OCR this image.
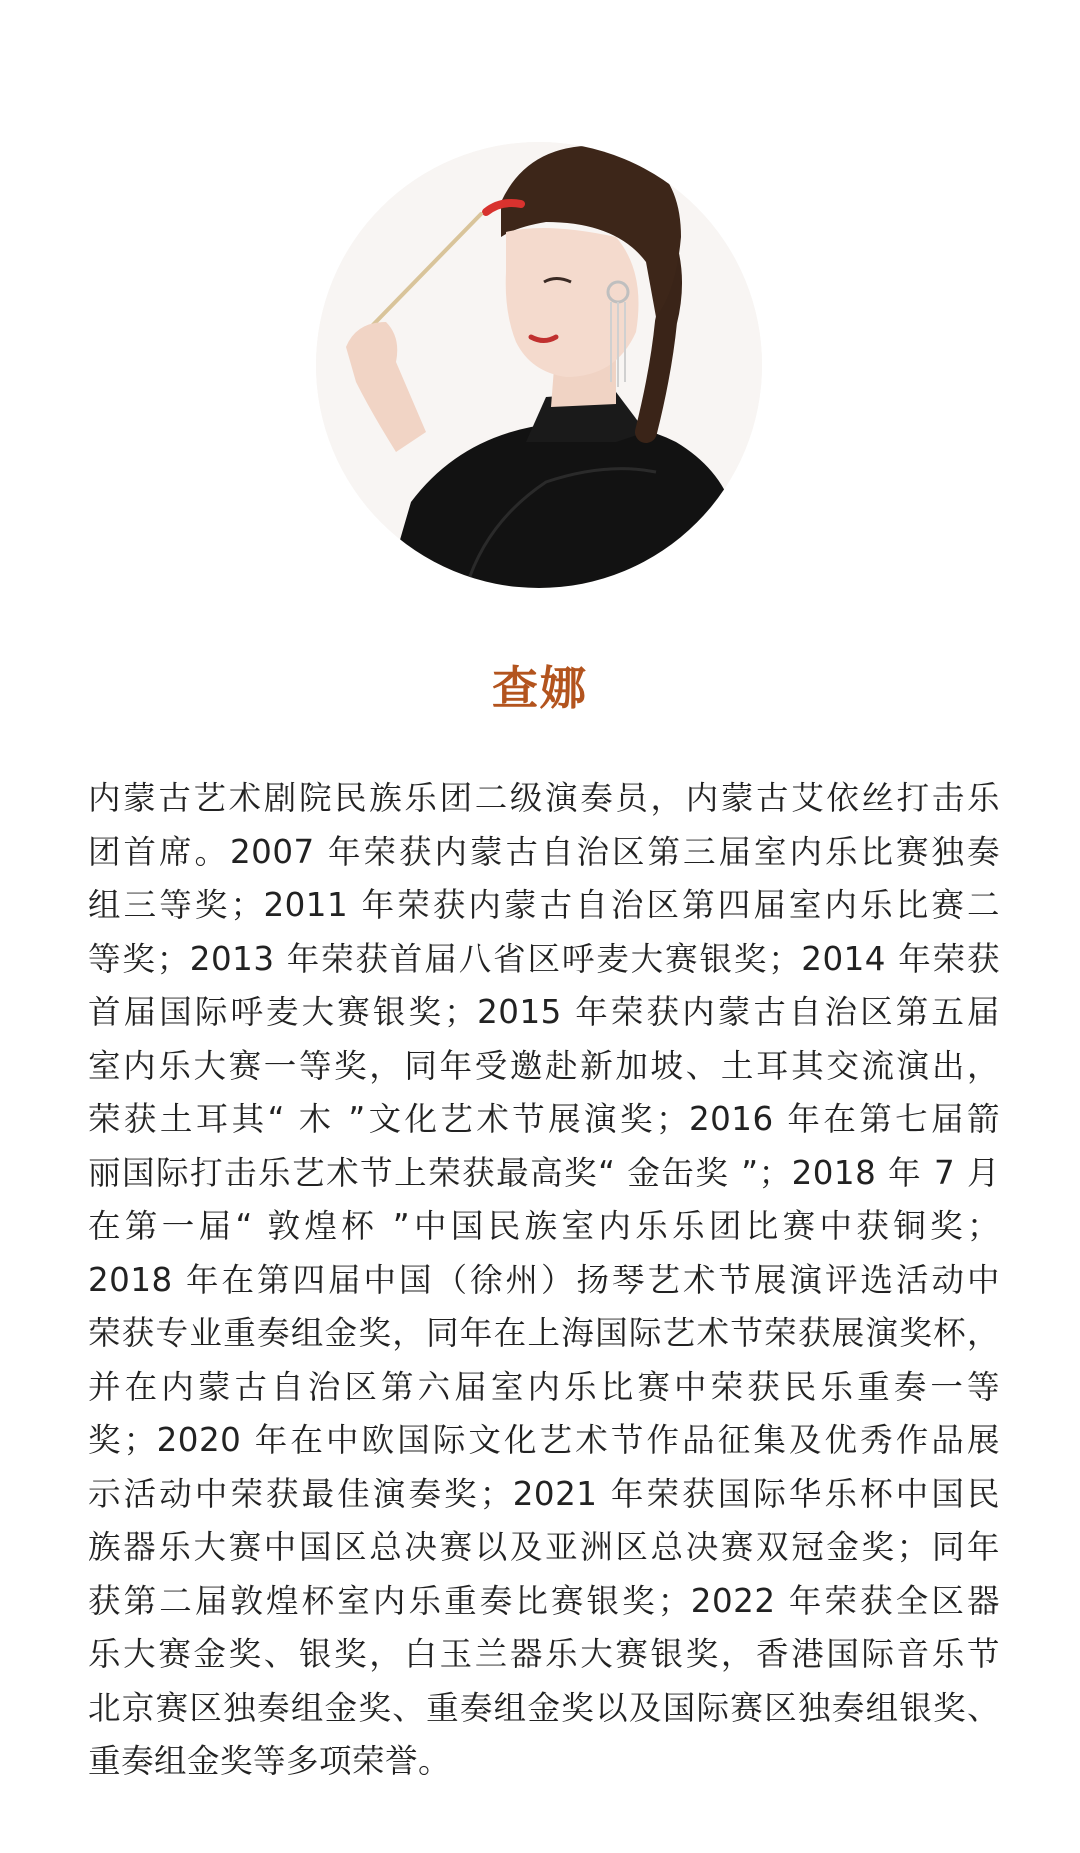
查娜
内蒙古艺术剧院民族乐团二级演奏员，内蒙古艾依丝打击乐
团首席。2007 年荣获内蒙古自治区第三届室内乐比赛独奏
组三等奖；2011 年荣获内蒙古自治区第四届室内乐比赛二
等奖；2013 年荣获首届八省区呼麦大赛银奖；2014 年荣获
首届国际呼麦大赛银奖；2015 年荣获内蒙古自治区第五届
室内乐大赛一等奖，同年受邀赴新加坡、土耳其交流演出，
荣获土耳其“ 木 ”文化艺术节展演奖；2016 年在第七届箭
丽国际打击乐艺术节上荣获最高奖“ 金缶奖 ”；2018 年 7 月
在第一届“ 敦煌杯 ”中国民族室内乐乐团比赛中获铜奖；
2018 年在第四届中国（徐州）扬琴艺术节展演评选活动中
荣获专业重奏组金奖，同年在上海国际艺术节荣获展演奖杯，
并在内蒙古自治区第六届室内乐比赛中荣获民乐重奏一等
奖；2020 年在中欧国际文化艺术节作品征集及优秀作品展
示活动中荣获最佳演奏奖；2021 年荣获国际华乐杯中国民
族器乐大赛中国区总决赛以及亚洲区总决赛双冠金奖；同年
获第二届敦煌杯室内乐重奏比赛银奖；2022 年荣获全区器
乐大赛金奖、银奖，白玉兰器乐大赛银奖，香港国际音乐节
北京赛区独奏组金奖、重奏组金奖以及国际赛区独奏组银奖、
重奏组金奖等多项荣誉。
